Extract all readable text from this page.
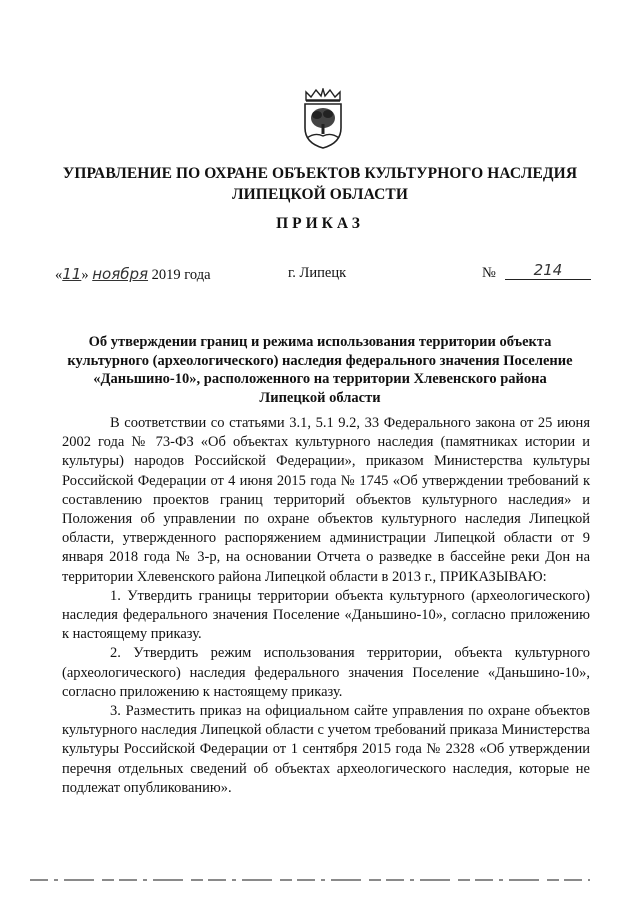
УПРАВЛЕНИЕ ПО ОХРАНЕ ОБЪЕКТОВ КУЛЬТУРНОГО НАСЛЕДИЯ
ЛИПЕЦКОЙ ОБЛАСТИ
ПРИКАЗ
«11» ноября 2019 года	г. Липецк	№	214
Об утверждении границ и режима использования территории объекта
культурного (археологического) наследия федерального значения Поселение
«Даньшино-10», расположенного на территории Хлевенского района
Липецкой области

В соответствии со статьями 3.1, 5.1 9.2, 33 Федерального закона от 25 июня 2002 года № 73-ФЗ «Об объектах культурного наследия (памятниках истории и культуры) народов Российской Федерации», приказом Министерства культуры Российской Федерации от 4 июня 2015 года № 1745 «Об утверждении требований к составлению проектов границ территорий объектов культурного наследия» и Положения об управлении по охране объектов культурного наследия Липецкой области, утвержденного распоряжением администрации Липецкой области от 9 января 2018 года № 3-р, на основании Отчета о разведке в бассейне реки Дон на территории Хлевенского района Липецкой области в 2013 г., ПРИКАЗЫВАЮ:

1. Утвердить границы территории объекта культурного (археологического) наследия федерального значения Поселение «Даньшино-10», согласно приложению к настоящему приказу.

2. Утвердить режим использования территории, объекта культурного (археологического) наследия федерального значения Поселение «Даньшино-10», согласно приложению к настоящему приказу.

3. Разместить приказ на официальном сайте управления по охране объектов культурного наследия Липецкой области с учетом требований приказа Министерства культуры Российской Федерации от 1 сентября 2015 года № 2328 «Об утверждении перечня отдельных сведений об объектах археологического наследия, которые не подлежат опубликованию».
